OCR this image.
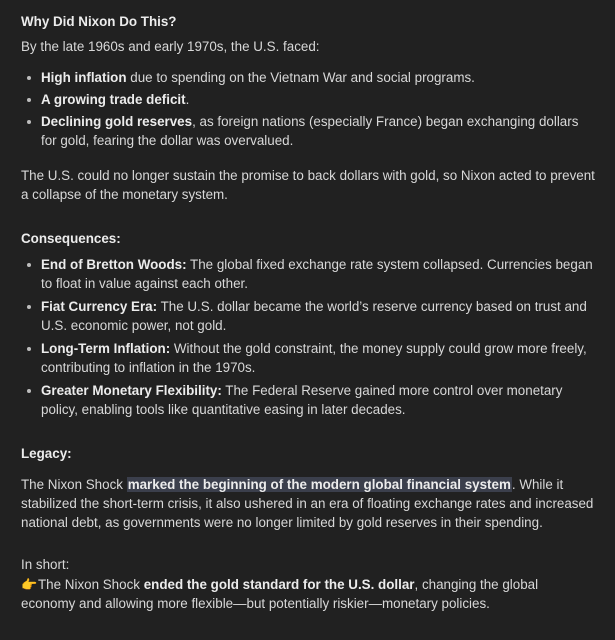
Why Did Nixon Do This?

By the late 1960s and early 1970s, the U.S. faced:

High inflation due to spending on the Vietnam War and social programs.
A growing trade deficit.
Declining gold reserves, as foreign nations (especially France) began exchanging dollars for gold, fearing the dollar was overvalued.

The U.S. could no longer sustain the promise to back dollars with gold, so Nixon acted to prevent a collapse of the monetary system.

Consequences:
End of Bretton Woods: The global fixed exchange rate system collapsed. Currencies began to float in value against each other.
Fiat Currency Era: The U.S. dollar became the world’s reserve currency based on trust and U.S. economic power, not gold.
Long-Term Inflation: Without the gold constraint, the money supply could grow more freely, contributing to inflation in the 1970s.
Greater Monetary Flexibility: The Federal Reserve gained more control over monetary policy, enabling tools like quantitative easing in later decades.
Legacy:

The Nixon Shock marked the beginning of the modern global financial system. While it stabilized the short-term crisis, it also ushered in an era of floating exchange rates and increased national debt, as governments were no longer limited by gold reserves in their spending.

In short:

👉The Nixon Shock ended the gold standard for the U.S. dollar, changing the global economy and allowing more flexible—but potentially riskier—monetary policies.
